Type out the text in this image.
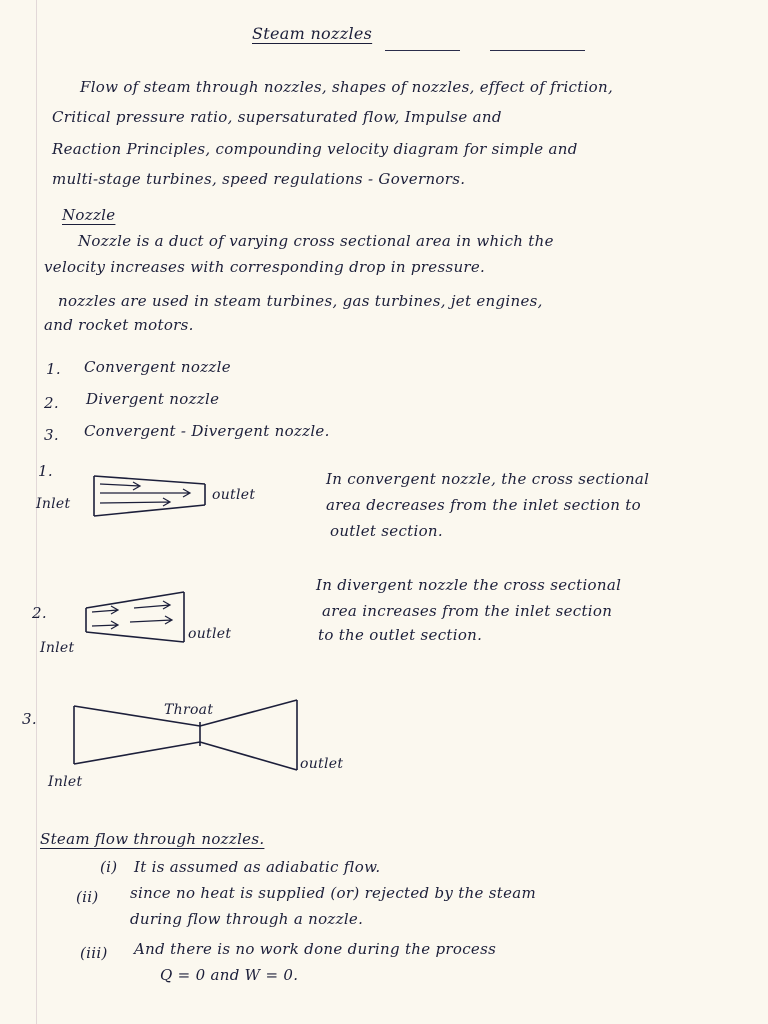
Steam nozzles
Flow of steam through nozzles, shapes of nozzles, effect of friction,
Critical pressure ratio, supersaturated flow, Impulse and
Reaction Principles, compounding velocity diagram for simple and
multi-stage turbines, speed regulations - Governors.
Nozzle
Nozzle is a duct of varying cross sectional area in which the
velocity increases with corresponding drop in pressure.
nozzles are used in steam turbines, gas turbines, jet engines,
and rocket motors.
1. Convergent nozzle
2. Divergent nozzle
3. Convergent - Divergent nozzle.
1.
Inlet
outlet
In convergent nozzle, the cross sectional
area decreases from the inlet section to
outlet section.
2.
Inlet
outlet
In divergent nozzle the cross sectional
area increases from the inlet section
to the outlet section.
3.	Throat
Inlet
outlet
Steam flow through nozzles.
(i) It is assumed as adiabatic flow.
(ii) since no heat is supplied (or) rejected by the steam
during flow through a nozzle.
(iii) And there is no work done during the process
Q = 0 and W = 0.
